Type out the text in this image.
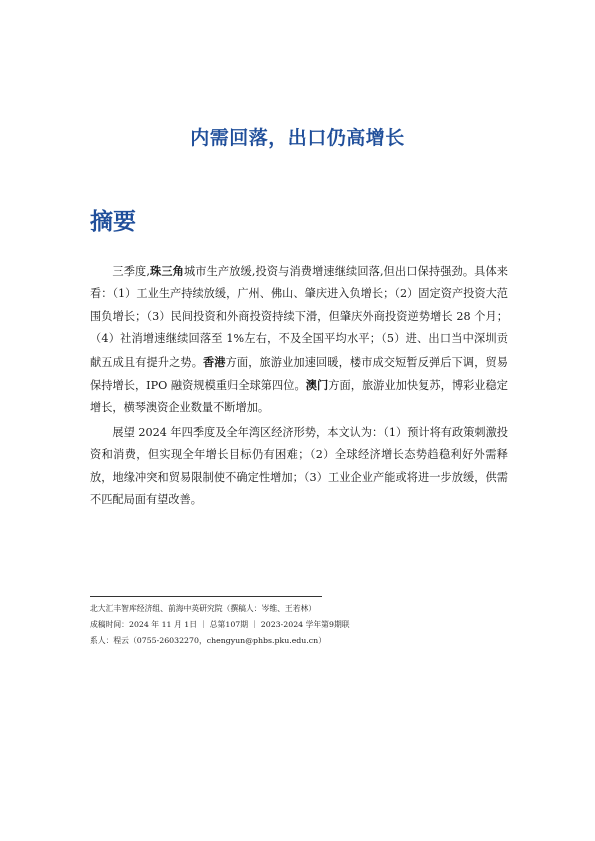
内需回落，出口仍高增长
摘要

三季度,珠三角城市生产放缓,投资与消费增速继续回落,但出口保持强劲。具体来看：（1）工业生产持续放缓，广州、佛山、肇庆进入负增长；（2）固定资产投资大范围负增长；（3）民间投资和外商投资持续下滑，但肇庆外商投资逆势增长 28 个月；（4）社消增速继续回落至 1%左右，不及全国平均水平；（5）进、出口当中深圳贡献五成且有提升之势。香港方面，旅游业加速回暖，楼市成交短暂反弹后下调，贸易保持增长，IPO 融资规模重归全球第四位。澳门方面，旅游业加快复苏，博彩业稳定增长，横琴澳资企业数量不断增加。

展望 2024 年四季度及全年湾区经济形势，本文认为：（1）预计将有政策刺激投资和消费，但实现全年增长目标仍有困难；（2）全球经济增长态势趋稳利好外需释放，地缘冲突和贸易限制使不确定性增加；（3）工业企业产能或将进一步放缓，供需不匹配局面有望改善。

北大汇丰智库经济组、前海中英研究院（撰稿人：岑维、王若林）
成稿时间：2024 年 11 月 1日 ｜ 总第107期 ｜ 2023-2024 学年第9期联
系人：程云（0755-26032270，chengyun@phbs.pku.edu.cn）
